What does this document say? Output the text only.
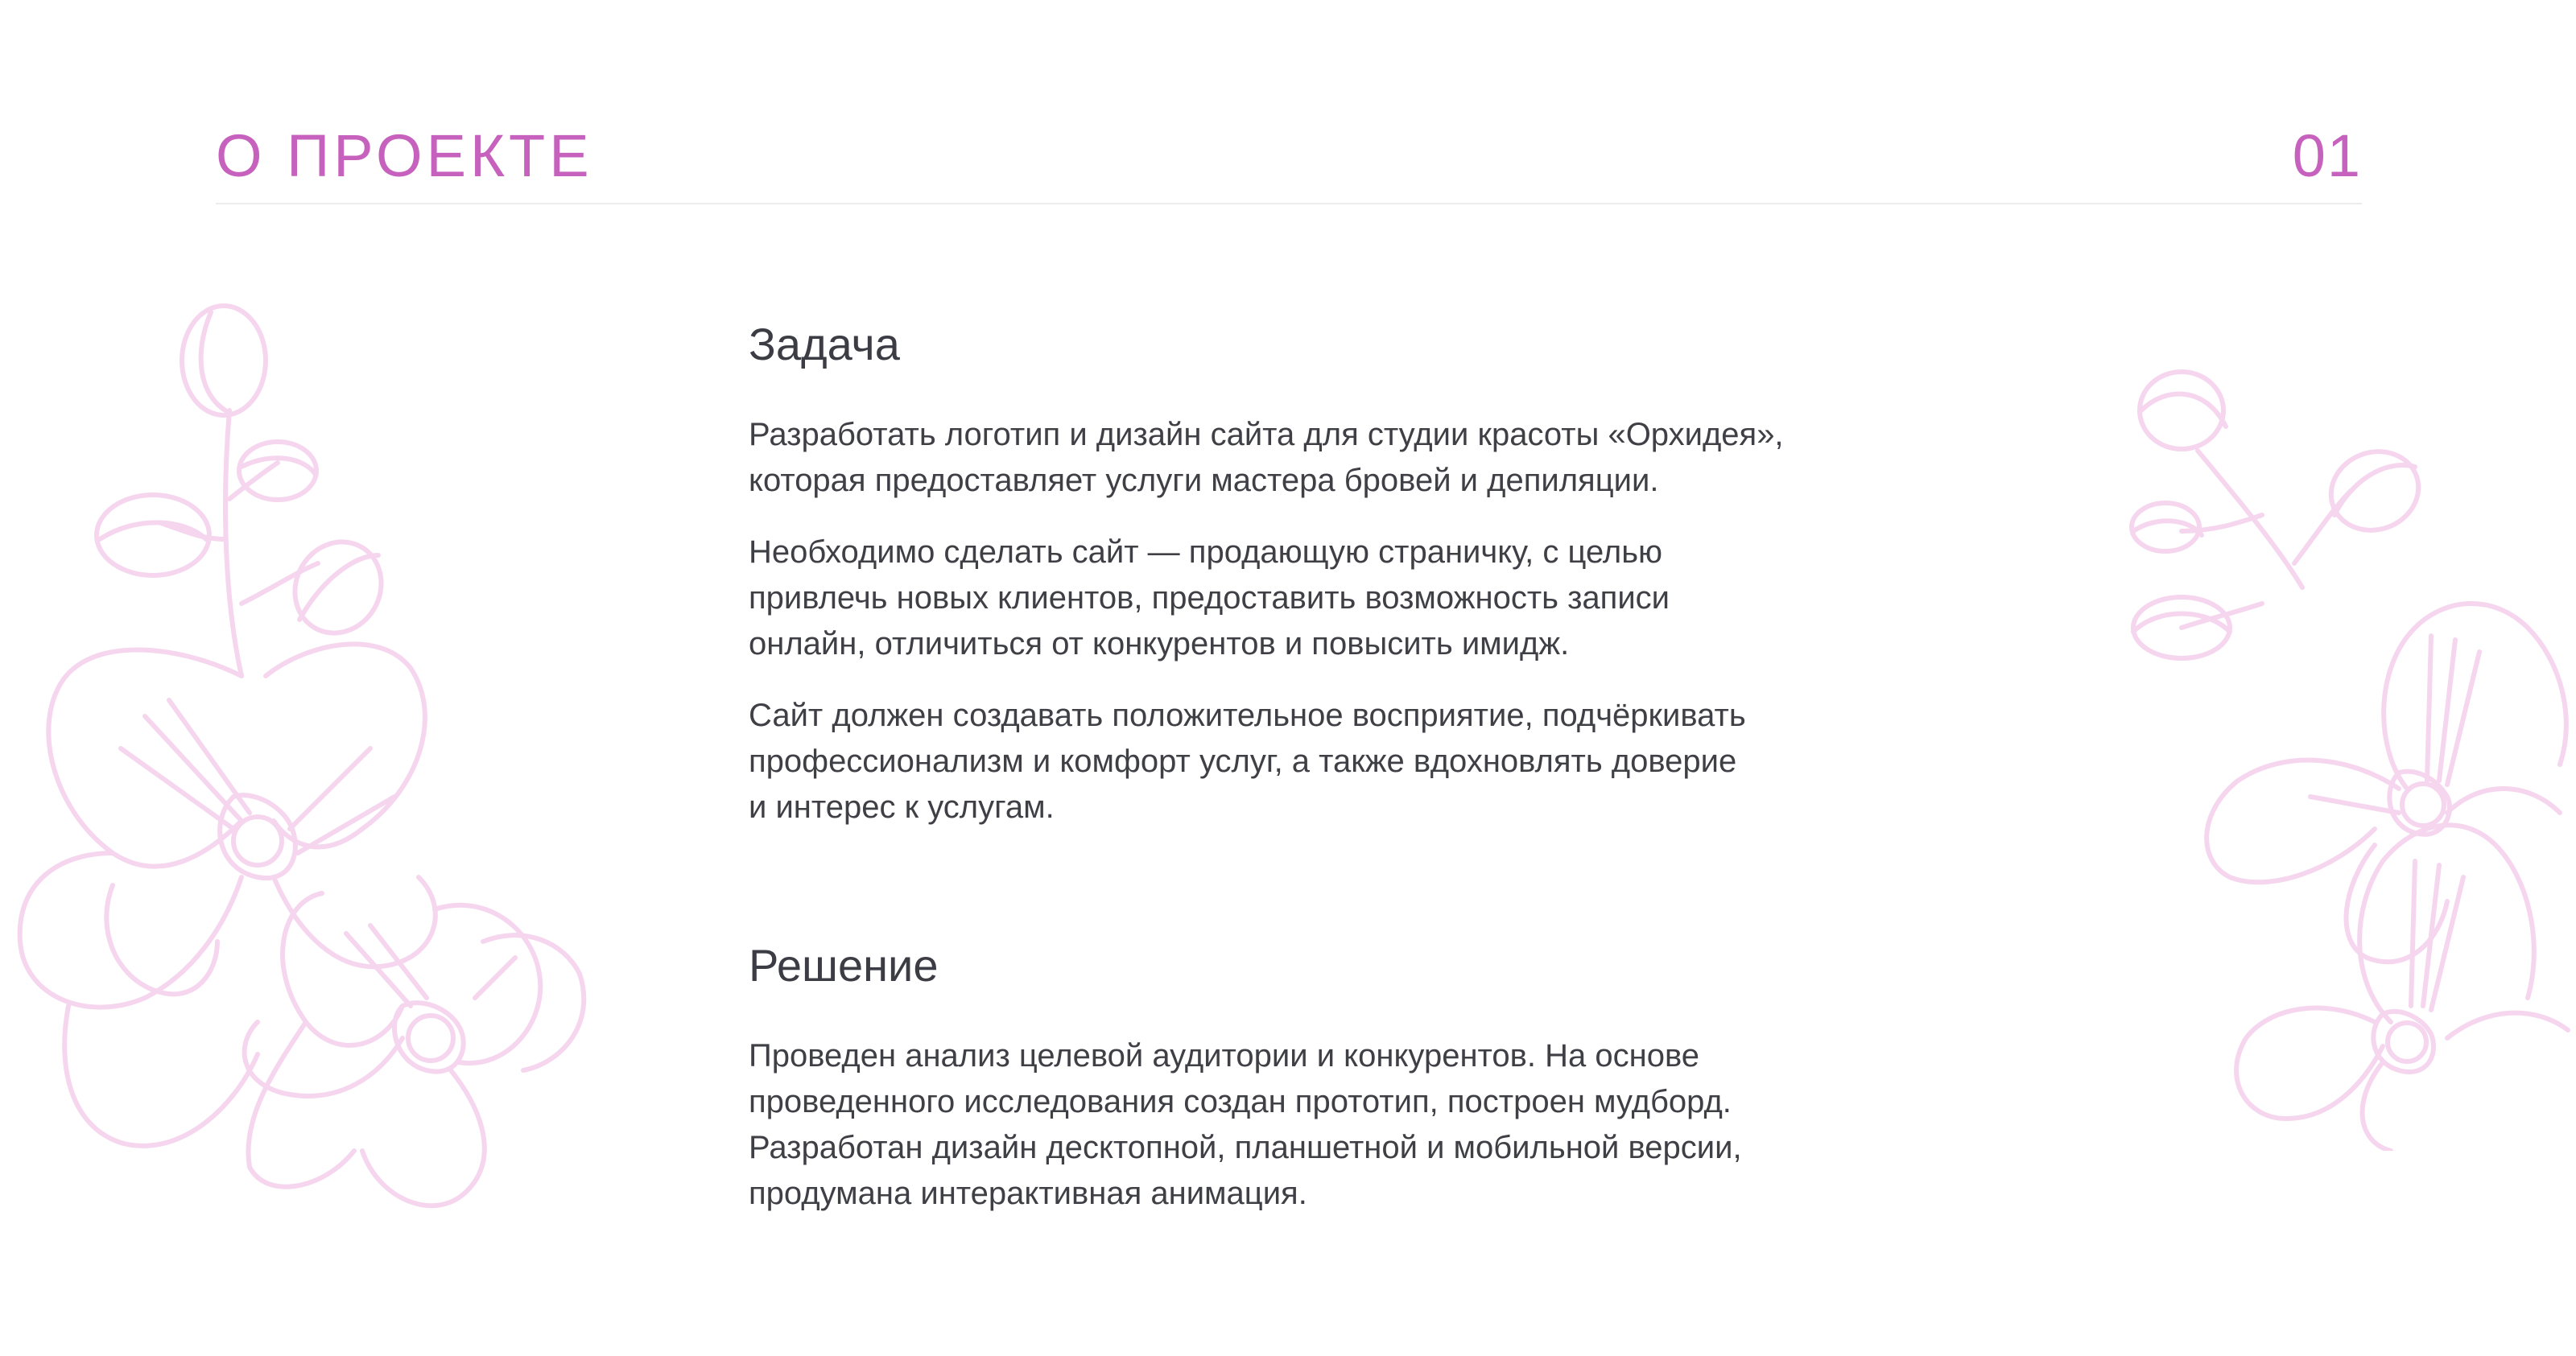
О ПРОЕКТЕ	01
Задача

Разработать логотип и дизайн сайта для студии красоты «Орхидея»,
которая предоставляет услуги мастера бровей и депиляции.

Необходимо сделать сайт — продающую страничку, с целью
привлечь новых клиентов, предоставить возможность записи
онлайн, отличиться от конкурентов и повысить имидж.

Сайт должен создавать положительное восприятие, подчёркивать
профессионализм и комфорт услуг, а также вдохновлять доверие
и интерес к услугам.

Решение

Проведен анализ целевой аудитории и конкурентов. На основе
проведенного исследования создан прототип, построен мудборд.
Разработан дизайн десктопной, планшетной и мобильной версии,
продумана интерактивная анимация.
